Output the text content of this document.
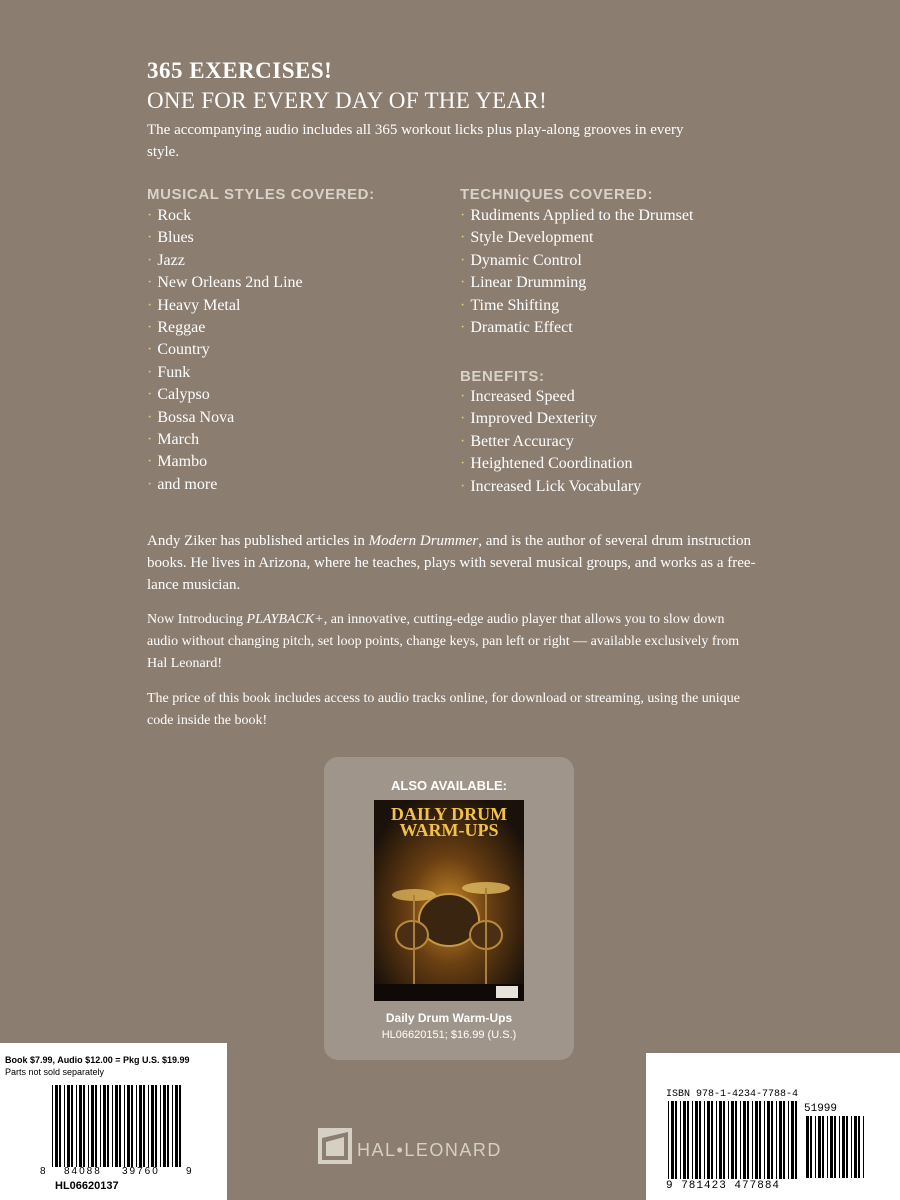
365 EXERCISES!
ONE FOR EVERY DAY OF THE YEAR!
The accompanying audio includes all 365 workout licks plus play-along grooves in every style.
MUSICAL STYLES COVERED:
· Rock
· Blues
· Jazz
· New Orleans 2nd Line
· Heavy Metal
· Reggae
· Country
· Funk
· Calypso
· Bossa Nova
· March
· Mambo
· and more
TECHNIQUES COVERED:
· Rudiments Applied to the Drumset
· Style Development
· Dynamic Control
· Linear Drumming
· Time Shifting
· Dramatic Effect
BENEFITS:
· Increased Speed
· Improved Dexterity
· Better Accuracy
· Heightened Coordination
· Increased Lick Vocabulary
Andy Ziker has published articles in Modern Drummer, and is the author of several drum instruction books. He lives in Arizona, where he teaches, plays with several musical groups, and works as a free-lance musician.
Now Introducing PLAYBACK+, an innovative, cutting-edge audio player that allows you to slow down audio without changing pitch, set loop points, change keys, pan left or right — available exclusively from Hal Leonard!
The price of this book includes access to audio tracks online, for download or streaming, using the unique code inside the book!
ALSO AVAILABLE:
DAILY DRUM
WARM-UPS
Daily Drum Warm-Ups
HL06620151; $16.99 (U.S.)
Book $7.99, Audio $12.00 = Pkg U.S. $19.99
Parts not sold separately
8 84088 39760	9
HL06620137
ISBN 978-1-4234-7788-4
51999
9 781423 477884
HAL•LEONARD
